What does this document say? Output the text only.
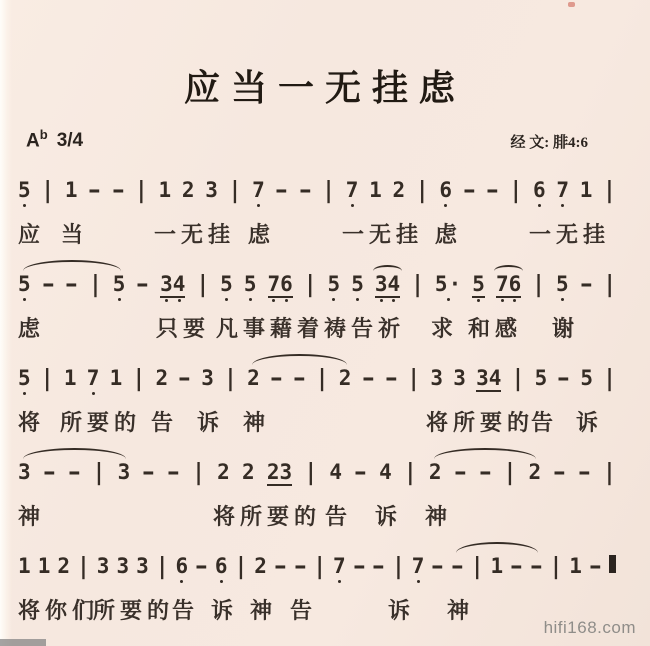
应当一无挂虑
$A^b$ 3/4	经 文: 腓4:6
5 | 1 - - | 1 2 3 | 7 - - | 7 1 2 | 6 - - | 6 7 1 |
应 当	一无挂 虑	一无挂 虑	一无挂
5 - - | 5 - 34 | 5 5 76 | 5 5 34 | 5· 5 76 | 5 - |
虑	只要 凡事藉着 祷告祈 求 和感 谢
5 | 1 7 1 | 2 - 3 | 2 - - | 2 - - | 3 3 34 | 5 - 5 |
将 所要的 告 诉 神	将所要的
告 诉
3 - - | 3 - - | 2 2 23 | 4 - 4 | 2 - - | 2 - - |
神	将所要的 告 诉 神
1 1 2 | 3 3 3 | 6 - 6 | 2 - - | 7 - - | 7 - - | 1 - - | 1 -
将你们
所要的
告 诉 神 告	诉 神
hifi168.com
